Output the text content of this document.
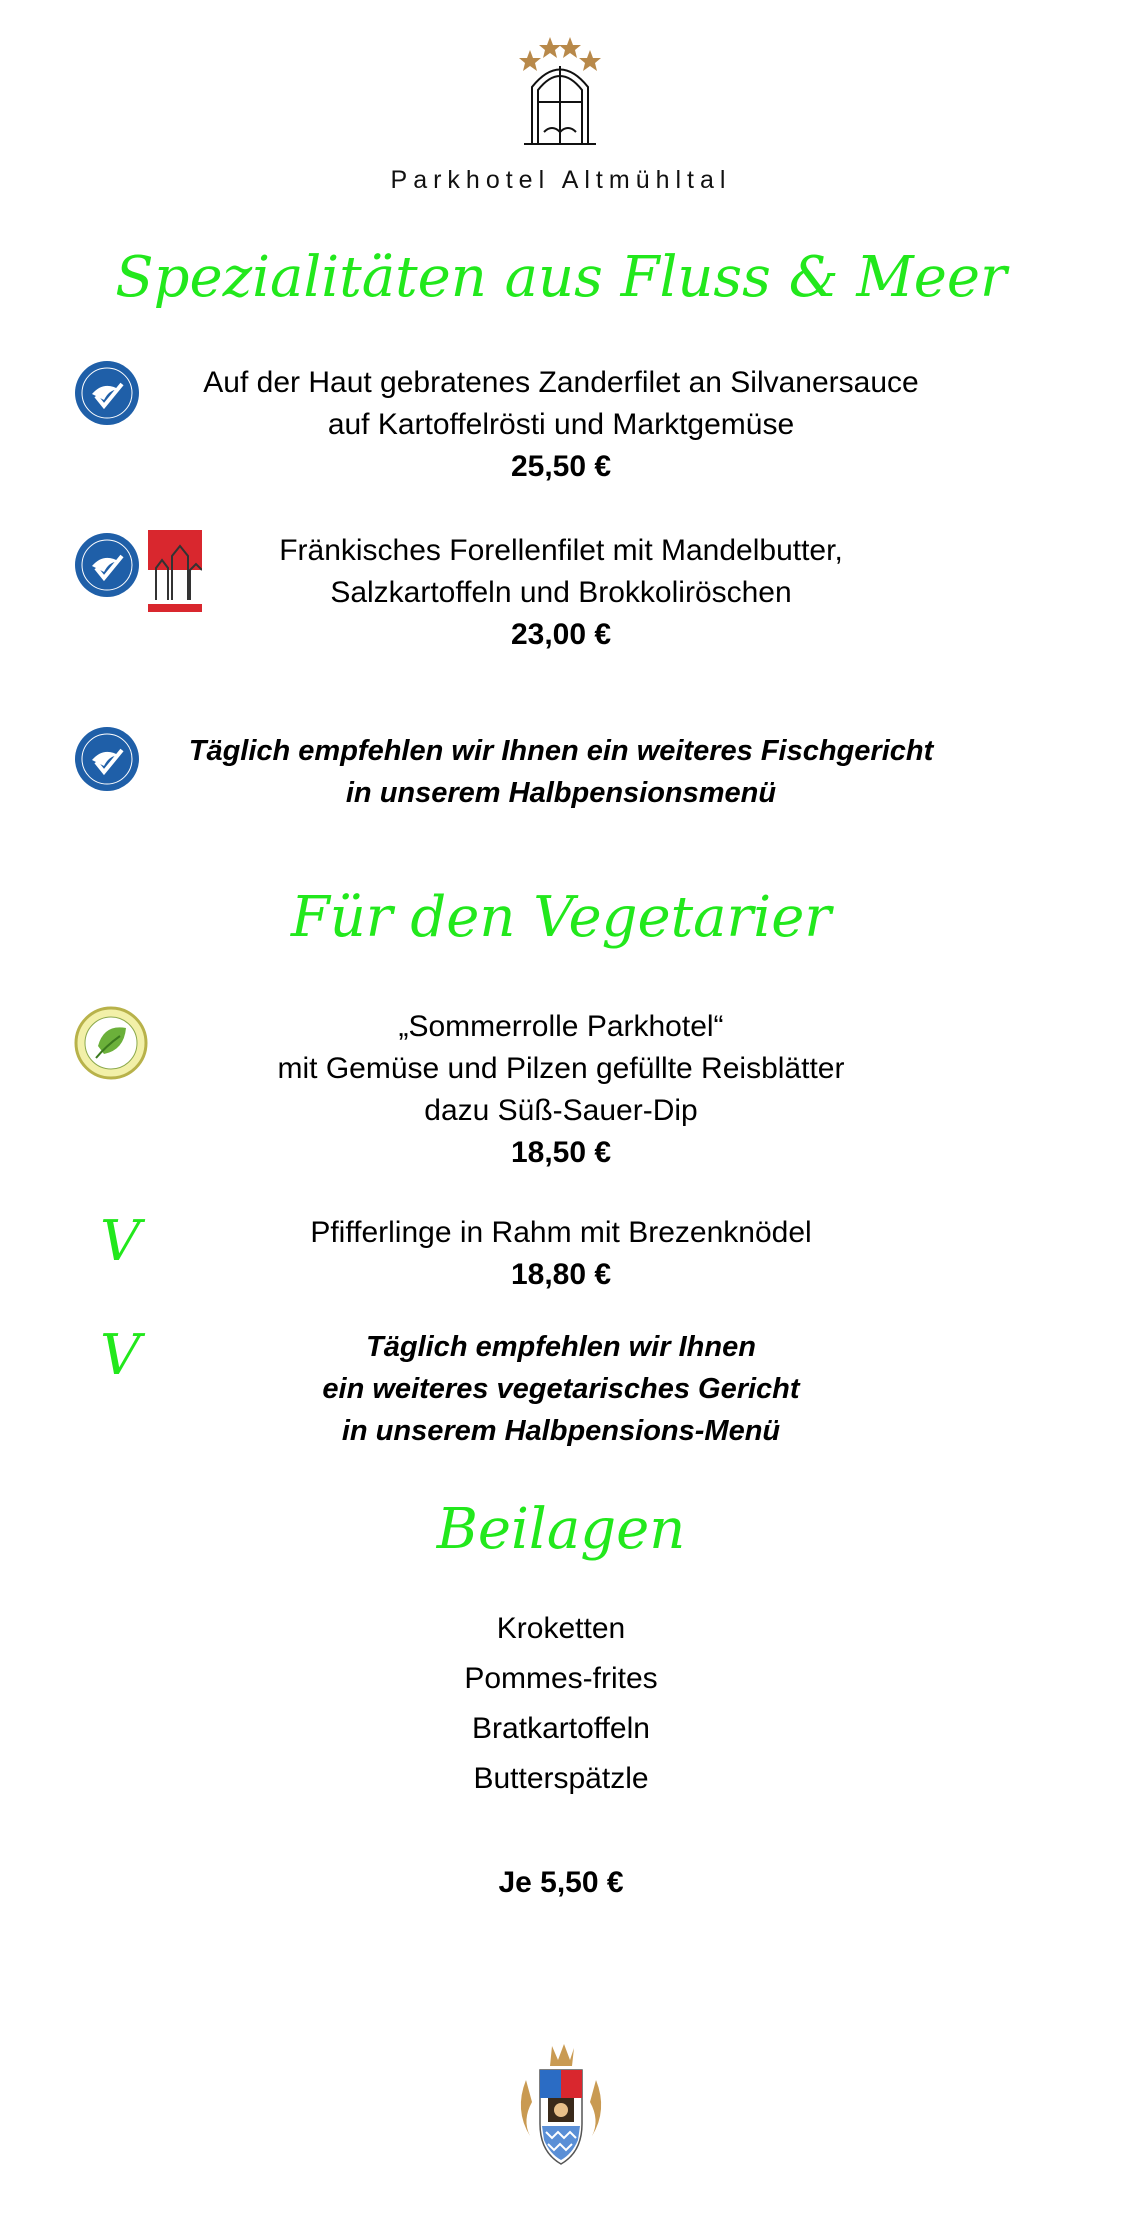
Parkhotel Altmühltal
Spezialitäten aus Fluss & Meer
Auf der Haut gebratenes Zanderfilet an Silvanersauce
auf Kartoffelrösti und Marktgemüse
25,50 €
Fränkisches Forellenfilet mit Mandelbutter,
Salzkartoffeln und Brokkoliröschen
23,00 €
Täglich empfehlen wir Ihnen ein weiteres Fischgericht
in unserem Halbpensionsmenü
Für den Vegetarier
„Sommerrolle Parkhotel“
mit Gemüse und Pilzen gefüllte Reisblätter
dazu Süß-Sauer-Dip
18,50 €
V	Pfifferlinge in Rahm mit Brezenknödel
18,80 €
V	Täglich empfehlen wir Ihnen
ein weiteres vegetarisches Gericht
in unserem Halbpensions-Menü
Beilagen
Kroketten
Pommes-frites
Bratkartoffeln
Butterspätzle
Je 5,50 €
